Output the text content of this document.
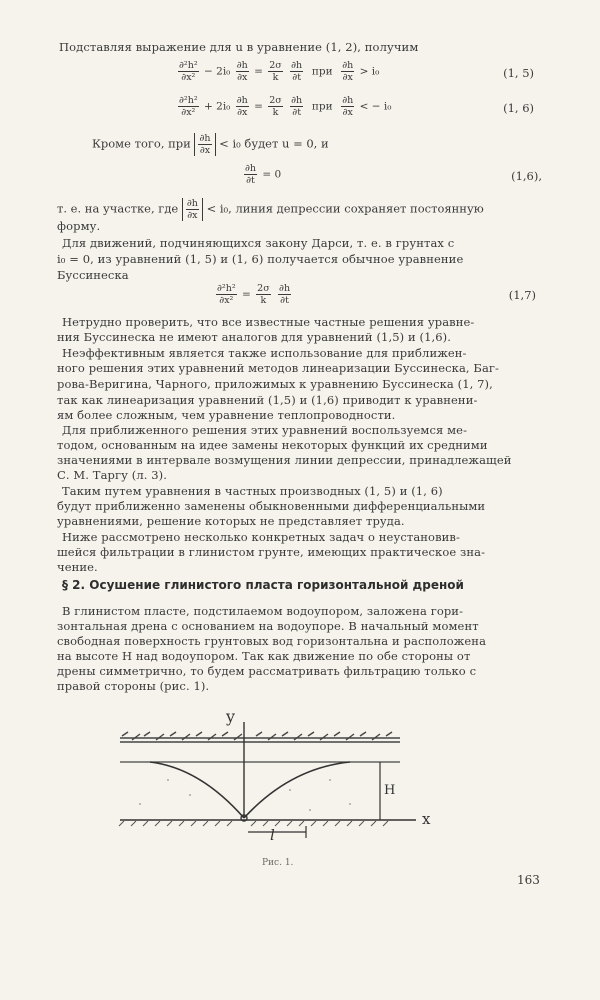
Подставляя выражение для u в уравнение (1, 2), получим
$\frac{\text{∂²h²}}{\text{∂x²}} - 2i_0 \frac{\partial h}{\partial x} = \frac{2\sigma}{k}$
$\frac{\partial h}{\partial t}$ при $\frac{\partial h}{\partial x} > i_0$	(1, 5)
$\frac{\text{∂²h²}}{\text{∂x²}} + 2i_0 \frac{\partial h}{\partial x} = \frac{2\sigma}{k}$
$\frac{\partial h}{\partial t}$ при $\frac{\partial h}{\partial x}$ < − i₀	(1, 6)
Кроме того, при $\frac{\partial h}{\partial x} < i_0$ будет u = 0, и
$\frac{\partial h}{\partial t} = 0$	(1,6),
т. е. на участке, где $\frac{\partial h}{\partial x} < i_0$, линия депрессии сохраняет постоянную
форму.
Для движений, подчиняющихся закону Дарси, т. е. в грунтах с
i₀ = 0, из уравнений (1, 5) и (1, 6) получается обычное уравнение
Буссинеска
$\frac{\text{∂²h²}}{\text{∂x²}} = \frac{2\sigma}{k}$
$\frac{\partial h}{\partial t}$	(1,7)
Нетрудно проверить, что все известные частные решения уравне-
ния Буссинеска не имеют аналогов для уравнений (1,5) и (1,6).
Неэффективным является также использование для приближен-
ного решения этих уравнений методов линеаризации Буссинеска, Баг-
рова-Веригина, Чарного, приложимых к уравнению Буссинеска (1, 7),
так как линеаризация уравнений (1,5) и (1,6) приводит к уравнени-
ям более сложным, чем уравнение теплопроводности.
Для приближенного решения этих уравнений воспользуемся ме-
тодом, основанным на идее замены некоторых функций их средними
значениями в интервале возмущения линии депрессии, принадлежащей
С. М. Таргу (л. 3).
Таким путем уравнения в частных производных (1, 5) и (1, 6)
будут приближенно заменены обыкновенными дифференциальными
уравнениями, решение которых не представляет труда.
Ниже рассмотрено несколько конкретных задач о неустановив-
шейся фильтрации в глинистом грунте, имеющих практическое зна-
чение.
§ 2. Осушение глинистого пласта горизонтальной дреной
В глинистом пласте, подстилаемом водоупором, заложена гори-
зонтальная дрена с основанием на водоупоре. В начальный момент
свободная поверхность грунтовых вод горизонтальна и расположена
на высоте H над водоупором. Так как движение по обе стороны от
дрены симметрично, то будем рассматривать фильтрацию только с
правой стороны (рис. 1).
y
x
H
l
Рис. 1.
163
